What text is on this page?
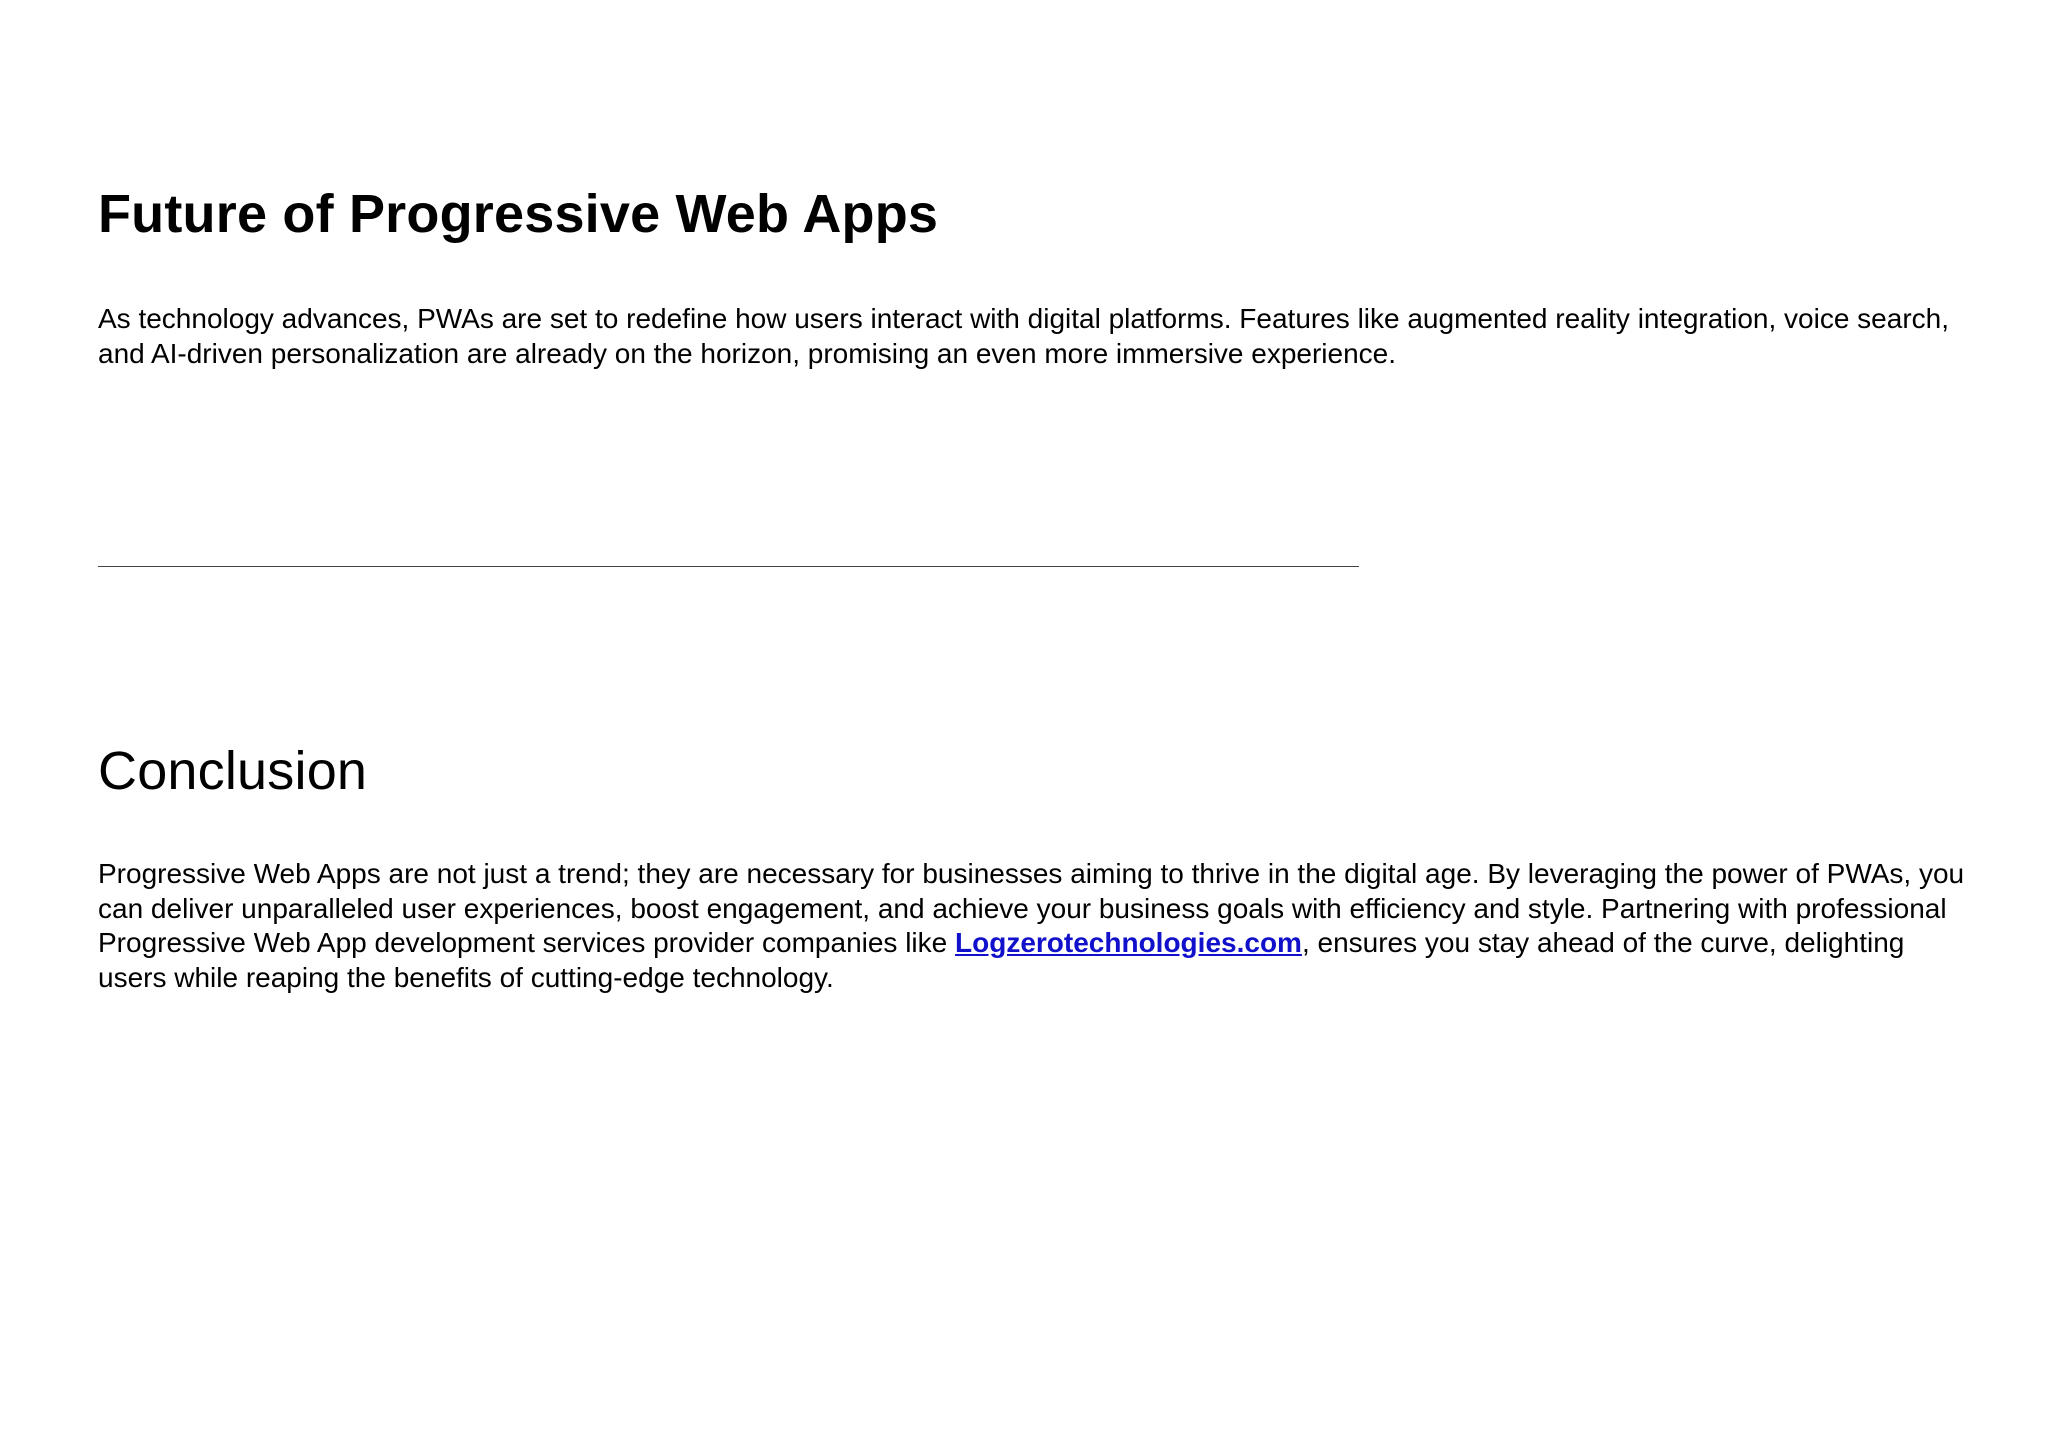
Future of Progressive Web Apps

As technology advances, PWAs are set to redefine how users interact with digital platforms. Features like augmented reality integration, voice search, and AI-driven personalization are already on the horizon, promising an even more immersive experience.

Conclusion

Progressive Web Apps are not just a trend; they are necessary for businesses aiming to thrive in the digital age. By leveraging the power of PWAs, you can deliver unparalleled user experiences, boost engagement, and achieve your business goals with efficiency and style. Partnering with professional Progressive Web App development services provider companies like Logzerotechnologies.com, ensures you stay ahead of the curve, delighting users while reaping the benefits of cutting-edge technology.
